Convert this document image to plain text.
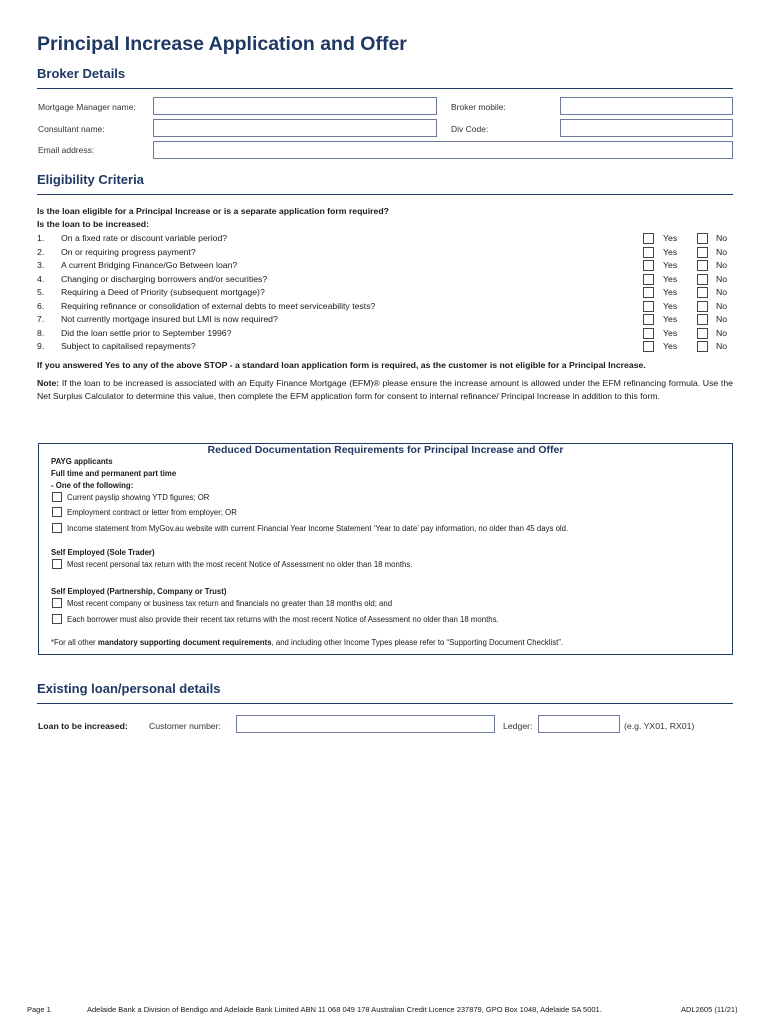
Principal Increase Application and Offer
Broker Details
Mortgage Manager name:	Broker mobile:
Consultant name:	Div Code:
Email address:
Eligibility Criteria
Is the loan eligible for a Principal Increase or is a separate application form required?
Is the loan to be increased:
1. On a fixed rate or discount variable period?	Yes	No
2. On or requiring progress payment?	Yes	No
3. A current Bridging Finance/Go Between loan?	Yes	No
4. Changing or discharging borrowers and/or securities?	Yes	No
5. Requiring a Deed of Priority (subsequent mortgage)?	Yes	No
6. Requiring refinance or consolidation of external debts to meet serviceability tests?	Yes	No
7. Not currently mortgage insured but LMI is now required?	Yes	No
8. Did the loan settle prior to September 1996?	Yes	No
9. Subject to capitalised repayments?	Yes	No
If you answered Yes to any of the above STOP - a standard loan application form is required, as the customer is not eligible for a Principal Increase.
Note: If the loan to be increased is associated with an Equity Finance Mortgage (EFM)® please ensure the increase amount is allowed under the EFM refinancing formula. Use the Net Surplus Calculator to determine this value, then complete the EFM application form for consent to internal refinance/ Principal Increase in addition to this form.
Reduced Documentation Requirements for Principal Increase and Offer
PAYG applicants
Full time and permanent part time
- One of the following:
Current payslip showing YTD figures; OR
Employment contract or letter from employer; OR
Income statement from MyGov.au website with current Financial Year Income Statement ‘Year to date’ pay information, no older than 45 days old.
Self Employed (Sole Trader)
Most recent personal tax return with the most recent Notice of Assessment no older than 18 months.
Self Employed (Partnership, Company or Trust)
Most recent company or business tax return and financials no greater than 18 months old; and
Each borrower must also provide their recent tax returns with the most recent Notice of Assessment no older than 18 months.
*For all other mandatory supporting document requirements, and including other Income Types please refer to “Supporting Document Checklist”.
Existing loan/personal details
Loan to be increased: Customer number:	Ledger:	(e.g. YX01, RX01)
Page 1	Adelaide Bank a Division of Bendigo and Adelaide Bank Limited ABN 11 068 049 178 Australian Credit Licence 237879, GPO Box 1048, Adelaide SA 5001.	ADL2605 (11/21)
